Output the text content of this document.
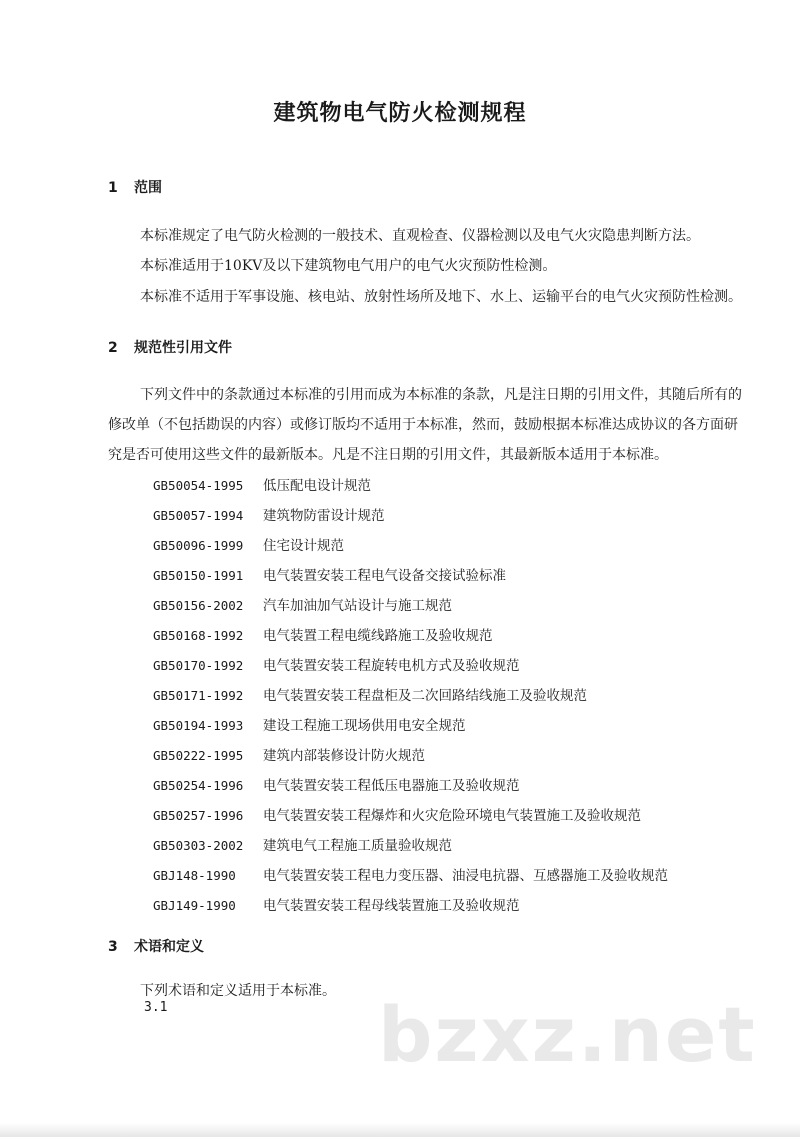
建筑物电气防火检测规程
1 范围
本标准规定了电气防火检测的一般技术、直观检查、仪器检测以及电气火灾隐患判断方法。
本标准适用于10KV及以下建筑物电气用户的电气火灾预防性检测。
本标准不适用于军事设施、核电站、放射性场所及地下、水上、运输平台的电气火灾预防性检测。
2 规范性引用文件
下列文件中的条款通过本标准的引用而成为本标准的条款，凡是注日期的引用文件，其随后所有的修改单（不包括勘误的内容）或修订版均不适用于本标准，然而，鼓励根据本标准达成协议的各方面研究是否可使用这些文件的最新版本。凡是不注日期的引用文件，其最新版本适用于本标准。
GB50054-1995 低压配电设计规范
GB50057-1994 建筑物防雷设计规范
GB50096-1999 住宅设计规范
GB50150-1991 电气装置安装工程电气设备交接试验标准
GB50156-2002 汽车加油加气站设计与施工规范
GB50168-1992 电气装置工程电缆线路施工及验收规范
GB50170-1992 电气装置安装工程旋转电机方式及验收规范
GB50171-1992 电气装置安装工程盘柜及二次回路结线施工及验收规范
GB50194-1993 建设工程施工现场供用电安全规范
GB50222-1995 建筑内部装修设计防火规范
GB50254-1996 电气装置安装工程低压电器施工及验收规范
GB50257-1996 电气装置安装工程爆炸和火灾危险环境电气装置施工及验收规范
GB50303-2002 建筑电气工程施工质量验收规范
GBJ148-1990 电气装置安装工程电力变压器、油浸电抗器、互感器施工及验收规范
GBJ149-1990 电气装置安装工程母线装置施工及验收规范
3 术语和定义
下列术语和定义适用于本标准。 bzxz.net
3.1
